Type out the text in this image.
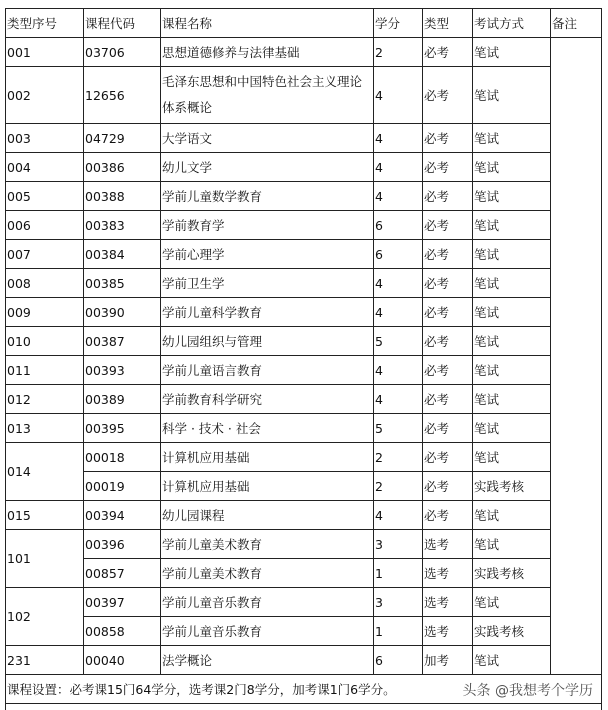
类型序号	课程代码	课程名称	学分	类型	考试方式	备注
001	03706	思想道德修养与法律基础	2	必考	笔试	
002	12656	毛泽东思想和中国特色社会主义理论体系概论	4	必考	笔试	
003	04729	大学语文	4	必考	笔试	
004	00386	幼儿文学	4	必考	笔试	
005	00388	学前儿童数学教育	4	必考	笔试	
006	00383	学前教育学	6	必考	笔试	
007	00384	学前心理学	6	必考	笔试	
008	00385	学前卫生学	4	必考	笔试	
009	00390	学前儿童科学教育	4	必考	笔试	
010	00387	幼儿园组织与管理	5	必考	笔试	
011	00393	学前儿童语言教育	4	必考	笔试	
012	00389	学前教育科学研究	4	必考	笔试	
013	00395	科学 · 技术 · 社会	5	必考	笔试	
014	00018	计算机应用基础	2	必考	笔试	
	00019	计算机应用基础	2	必考	实践考核	
015	00394	幼儿园课程	4	必考	笔试	
101	00396	学前儿童美术教育	3	选考	笔试	
	00857	学前儿童美术教育	1	选考	实践考核	
102	00397	学前儿童音乐教育	3	选考	笔试	
	00858	学前儿童音乐教育	1	选考	实践考核	
231	00040	法学概论	6	加考	笔试	
课程设置：必考课15门64学分，选考课2门8学分，加考课1门6学分。 头条 @我想考个学历						
